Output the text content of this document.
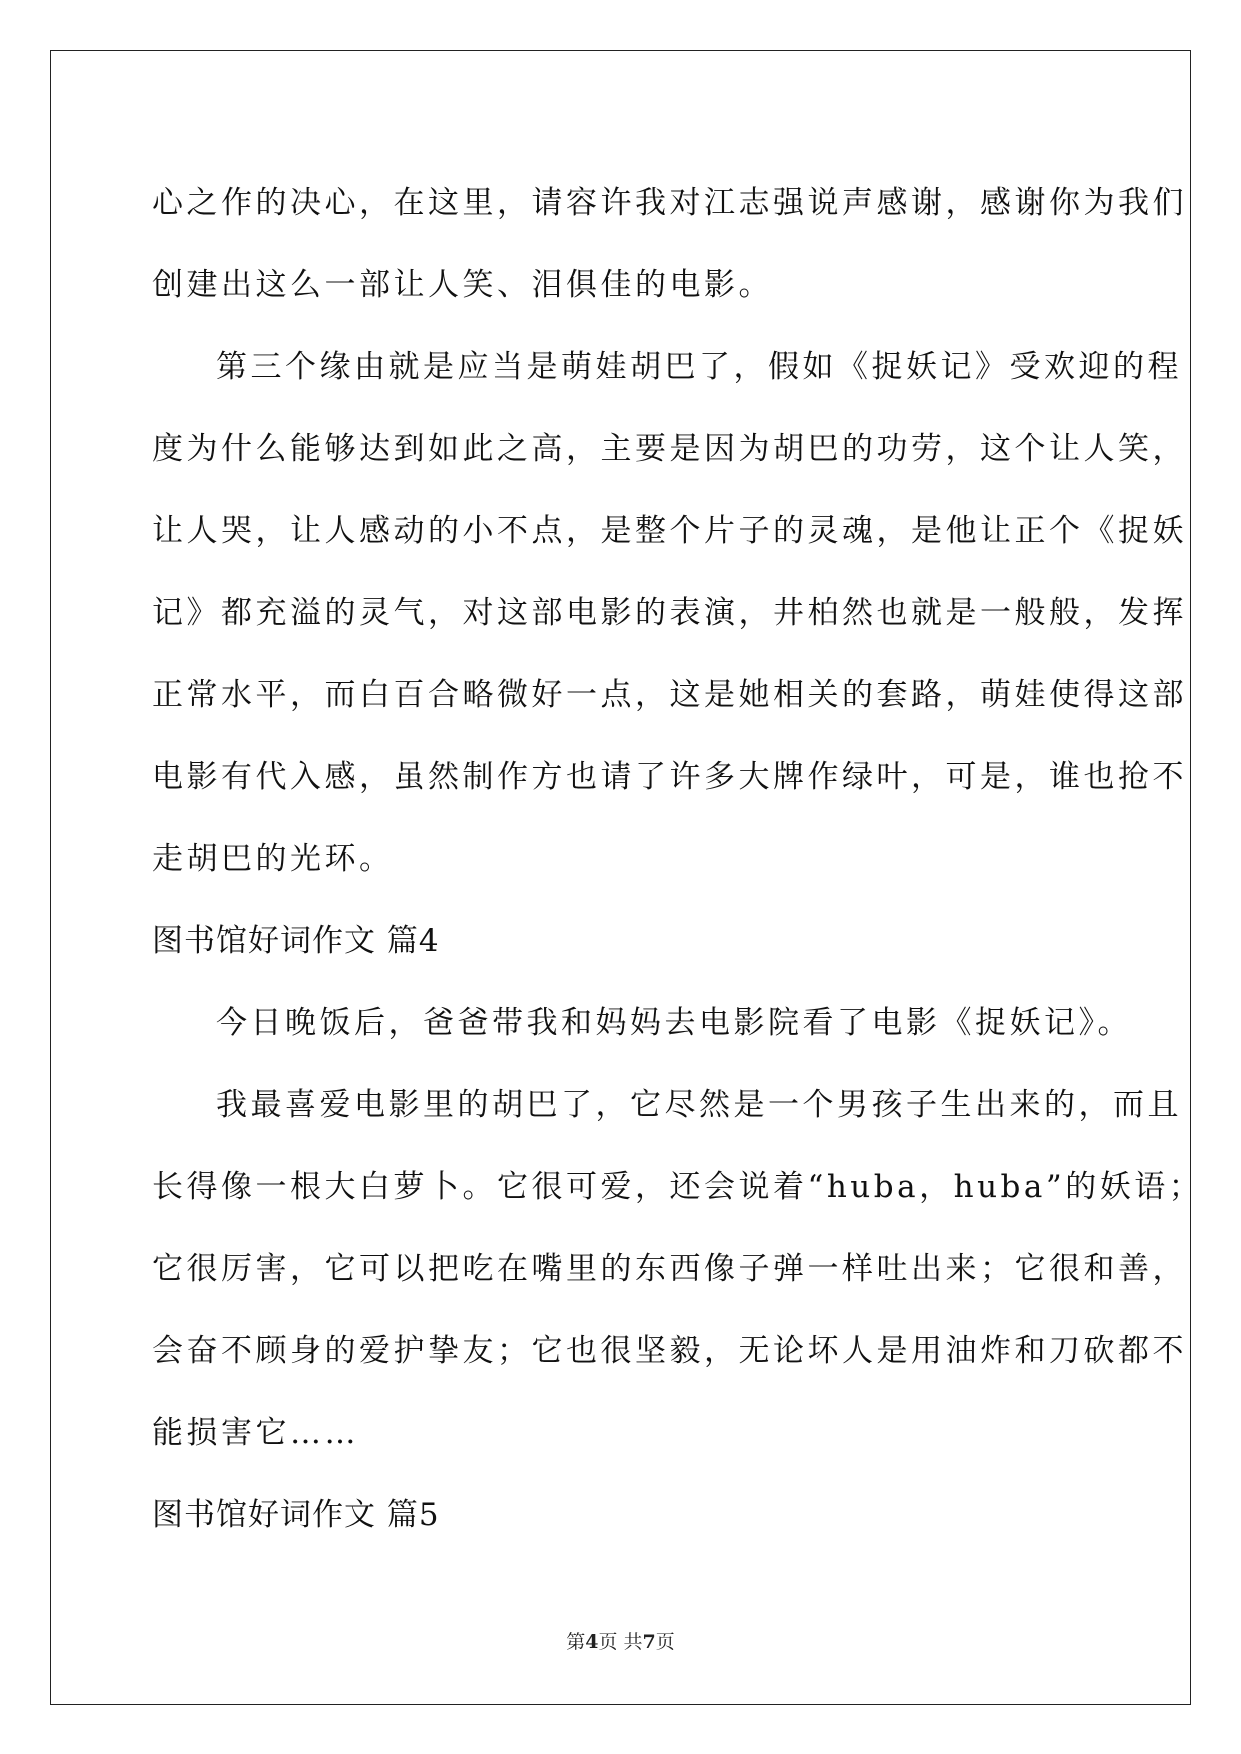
心之作的决心，在这里，请容许我对江志强说声感谢，感谢你为我们
创建出这么一部让人笑、泪俱佳的电影。
第三个缘由就是应当是萌娃胡巴了，假如《捉妖记》受欢迎的程
度为什么能够达到如此之高，主要是因为胡巴的功劳，这个让人笑，
让人哭，让人感动的小不点，是整个片子的灵魂，是他让正个《捉妖
记》都充溢的灵气，对这部电影的表演，井柏然也就是一般般，发挥
正常水平，而白百合略微好一点，这是她相关的套路，萌娃使得这部
电影有代入感，虽然制作方也请了许多大牌作绿叶，可是，谁也抢不
走胡巴的光环。
图书馆好词作文 篇4
今日晚饭后，爸爸带我和妈妈去电影院看了电影《捉妖记》。
我最喜爱电影里的胡巴了，它尽然是一个男孩子生出来的，而且
长得像一根大白萝卜。它很可爱，还会说着“huba，huba”的妖语；
它很厉害，它可以把吃在嘴里的东西像子弹一样吐出来；它很和善，
会奋不顾身的爱护挚友；它也很坚毅，无论坏人是用油炸和刀砍都不
能损害它……
图书馆好词作文 篇5
第4页 共7页
